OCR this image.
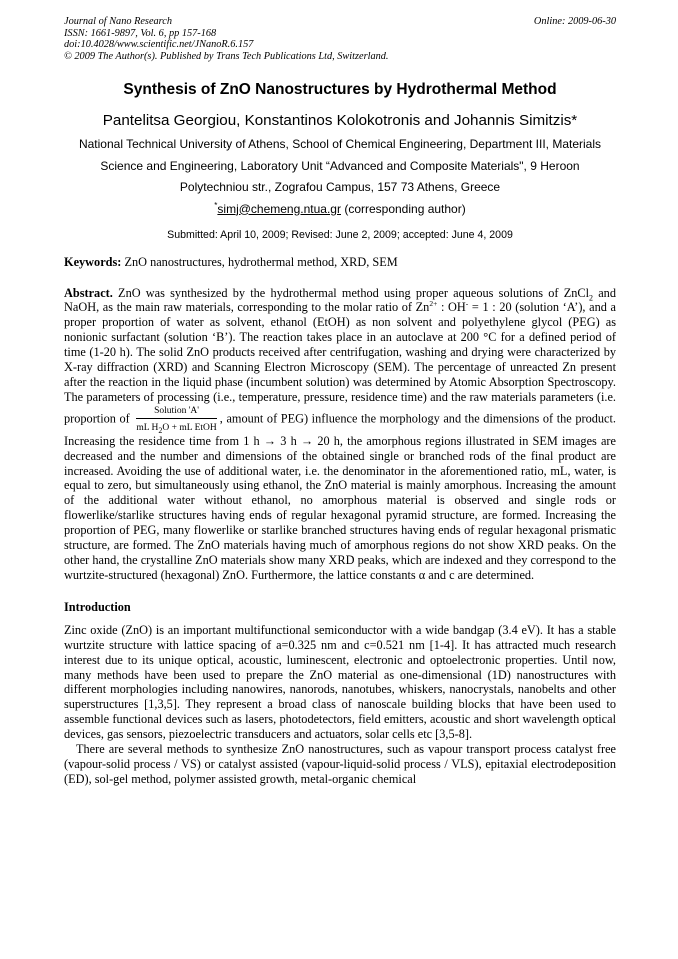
Journal of Nano Research	Online: 2009-06-30
ISSN: 1661-9897, Vol. 6, pp 157-168
doi:10.4028/www.scientific.net/JNanoR.6.157
© 2009 The Author(s). Published by Trans Tech Publications Ltd, Switzerland.
Synthesis of ZnO Nanostructures by Hydrothermal Method
Pantelitsa Georgiou, Konstantinos Kolokotronis and Johannis Simitzis*
National Technical University of Athens, School of Chemical Engineering, Department III, Materials
Science and Engineering, Laboratory Unit “Advanced and Composite Materials", 9 Heroon
Polytechniou str., Zografou Campus, 157 73 Athens, Greece
*simj@chemeng.ntua.gr (corresponding author)
Submitted: April 10, 2009; Revised: June 2, 2009; accepted: June 4, 2009
Keywords: ZnO nanostructures, hydrothermal method, XRD, SEM
Abstract. ZnO was synthesized by the hydrothermal method using proper aqueous solutions of ZnCl$_2$ and NaOH, as the main raw materials, corresponding to the molar ratio of $Zn^{2+}$ : OH- = 1 : 20 (solution ‘A’), and a proper proportion of water as solvent, ethanol (EtOH) as non solvent and polyethylene glycol (PEG) as nonionic surfactant (solution ‘B’). The reaction takes place in an autoclave at 200 °C for a defined period of time (1-20 h). The solid ZnO products received after centrifugation, washing and drying were characterized by X-ray diffraction (XRD) and Scanning Electron Microscopy (SEM). The percentage of unreacted Zn present after the reaction in the liquid phase (incumbent solution) was determined by Atomic Absorption Spectroscopy. The parameters of processing (i.e., temperature, pressure, residence time) and the raw materials parameters (i.e. proportion of $\frac{\text{Solution 'A'}}{mL H_2O + mL EtOH}$ , amount of PEG) influence the morphology and the dimensions of the product. Increasing the residence time from 1 h → 3 h → 20 h, the amorphous regions illustrated in SEM images are decreased and the number and dimensions of the obtained single or branched rods of the final product are increased. Avoiding the use of additional water, i.e. the denominator in the aforementioned ratio, mL, water, is equal to zero, but simultaneously using ethanol, the ZnO material is mainly amorphous. Increasing the amount of the additional water without ethanol, no amorphous material is observed and single rods or flowerlike/starlike structures having ends of regular hexagonal pyramid structure, are formed. Increasing the proportion of PEG, many flowerlike or starlike branched structures having ends of regular hexagonal prismatic structure, are formed. The ZnO materials having much of amorphous regions do not show XRD peaks. On the other hand, the crystalline ZnO materials show many XRD peaks, which are indexed and they correspond to the wurtzite-structured (hexagonal) ZnO. Furthermore, the lattice constants α and c are determined.
Introduction

Zinc oxide (ZnO) is an important multifunctional semiconductor with a wide bandgap (3.4 eV). It has a stable wurtzite structure with lattice spacing of a=0.325 nm and c=0.521 nm [1-4]. It has attracted much research interest due to its unique optical, acoustic, luminescent, electronic and optoelectronic properties. Until now, many methods have been used to prepare the ZnO material as one-dimensional (1D) nanostructures with different morphologies including nanowires, nanorods, nanotubes, whiskers, nanocrystals, nanobelts and other superstructures [1,3,5]. They represent a broad class of nanoscale building blocks that have been used to assemble functional devices such as lasers, photodetectors, field emitters, acoustic and short wavelength optical devices, gas sensors, piezoelectric transducers and actuators, solar cells etc [3,5-8].

There are several methods to synthesize ZnO nanostructures, such as vapour transport process catalyst free (vapour-solid process / VS) or catalyst assisted (vapour-liquid-solid process / VLS), epitaxial electrodeposition (ED), sol-gel method, polymer assisted growth, metal-organic chemical
